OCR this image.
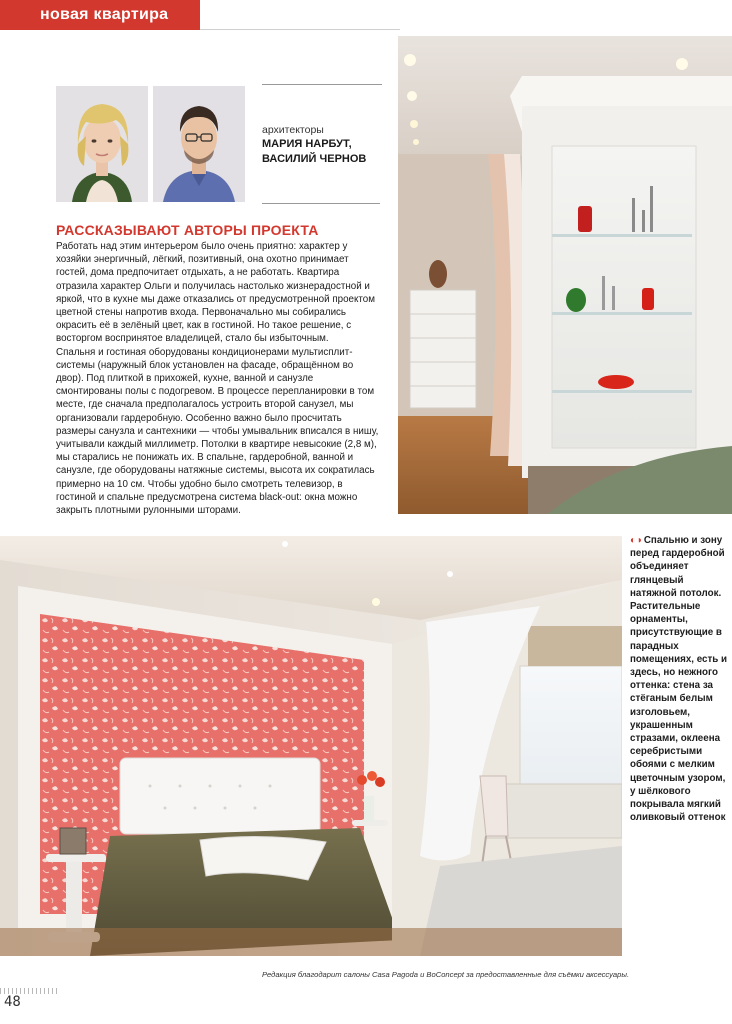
новая квартира
архитекторы
МАРИЯ НАРБУТ,
ВАСИЛИЙ ЧЕРНОВ
РАССКАЗЫВАЮТ АВТОРЫ ПРОЕКТА

Работать над этим интерьером было очень приятно: характер у хозяйки энергичный, лёгкий, позитивный, она охотно принимает гостей, дома предпочитает отдыхать, а не работать. Квартира отразила характер Ольги и получилась настолько жизнерадостной и яркой, что в кухне мы даже отказались от предусмотренной проектом цветной стены напротив входа. Первоначально мы собирались окрасить её в зелёный цвет, как в гостиной. Но такое решение, с восторгом воспринятое владелицей, стало бы избыточным.

Спальня и гостиная оборудованы кондиционерами мультисплит-системы (наружный блок установлен на фасаде, обращённом во двор). Под плиткой в прихожей, кухне, ванной и санузле смонтированы полы с подогревом. В процессе перепланировки в том месте, где сначала предполагалось устроить второй санузел, мы организовали гардеробную. Особенно важно было просчитать размеры санузла и сантехники — чтобы умывальник вписался в нишу, учитывали каждый миллиметр. Потолки в квартире невысокие (2,8 м), мы старались не понижать их. В спальне, гардеробной, ванной и санузле, где оборудованы натяжные системы, высота их сократилась примерно на 10 см. Чтобы удобно было смотреть телевизор, в гостиной и спальне предусмотрена система black-out: окна можно закрыть плотными рулонными шторами.

◐◑ Спальню и зону перед гардеробной объединяет глянцевый натяжной потолок. Растительные орнаменты, присутствующие в парадных помещениях, есть и здесь, но нежного оттенка: стена за стёганым белым изголовьем, украшенным стразами, оклеена серебристыми обоями с мелким цветочным узором, у шёлкового покрывала мягкий оливковый оттенок
Редакция благодарит салоны Casa Pagoda и BoConcept за предоставленные для съёмки аксессуары.
48
